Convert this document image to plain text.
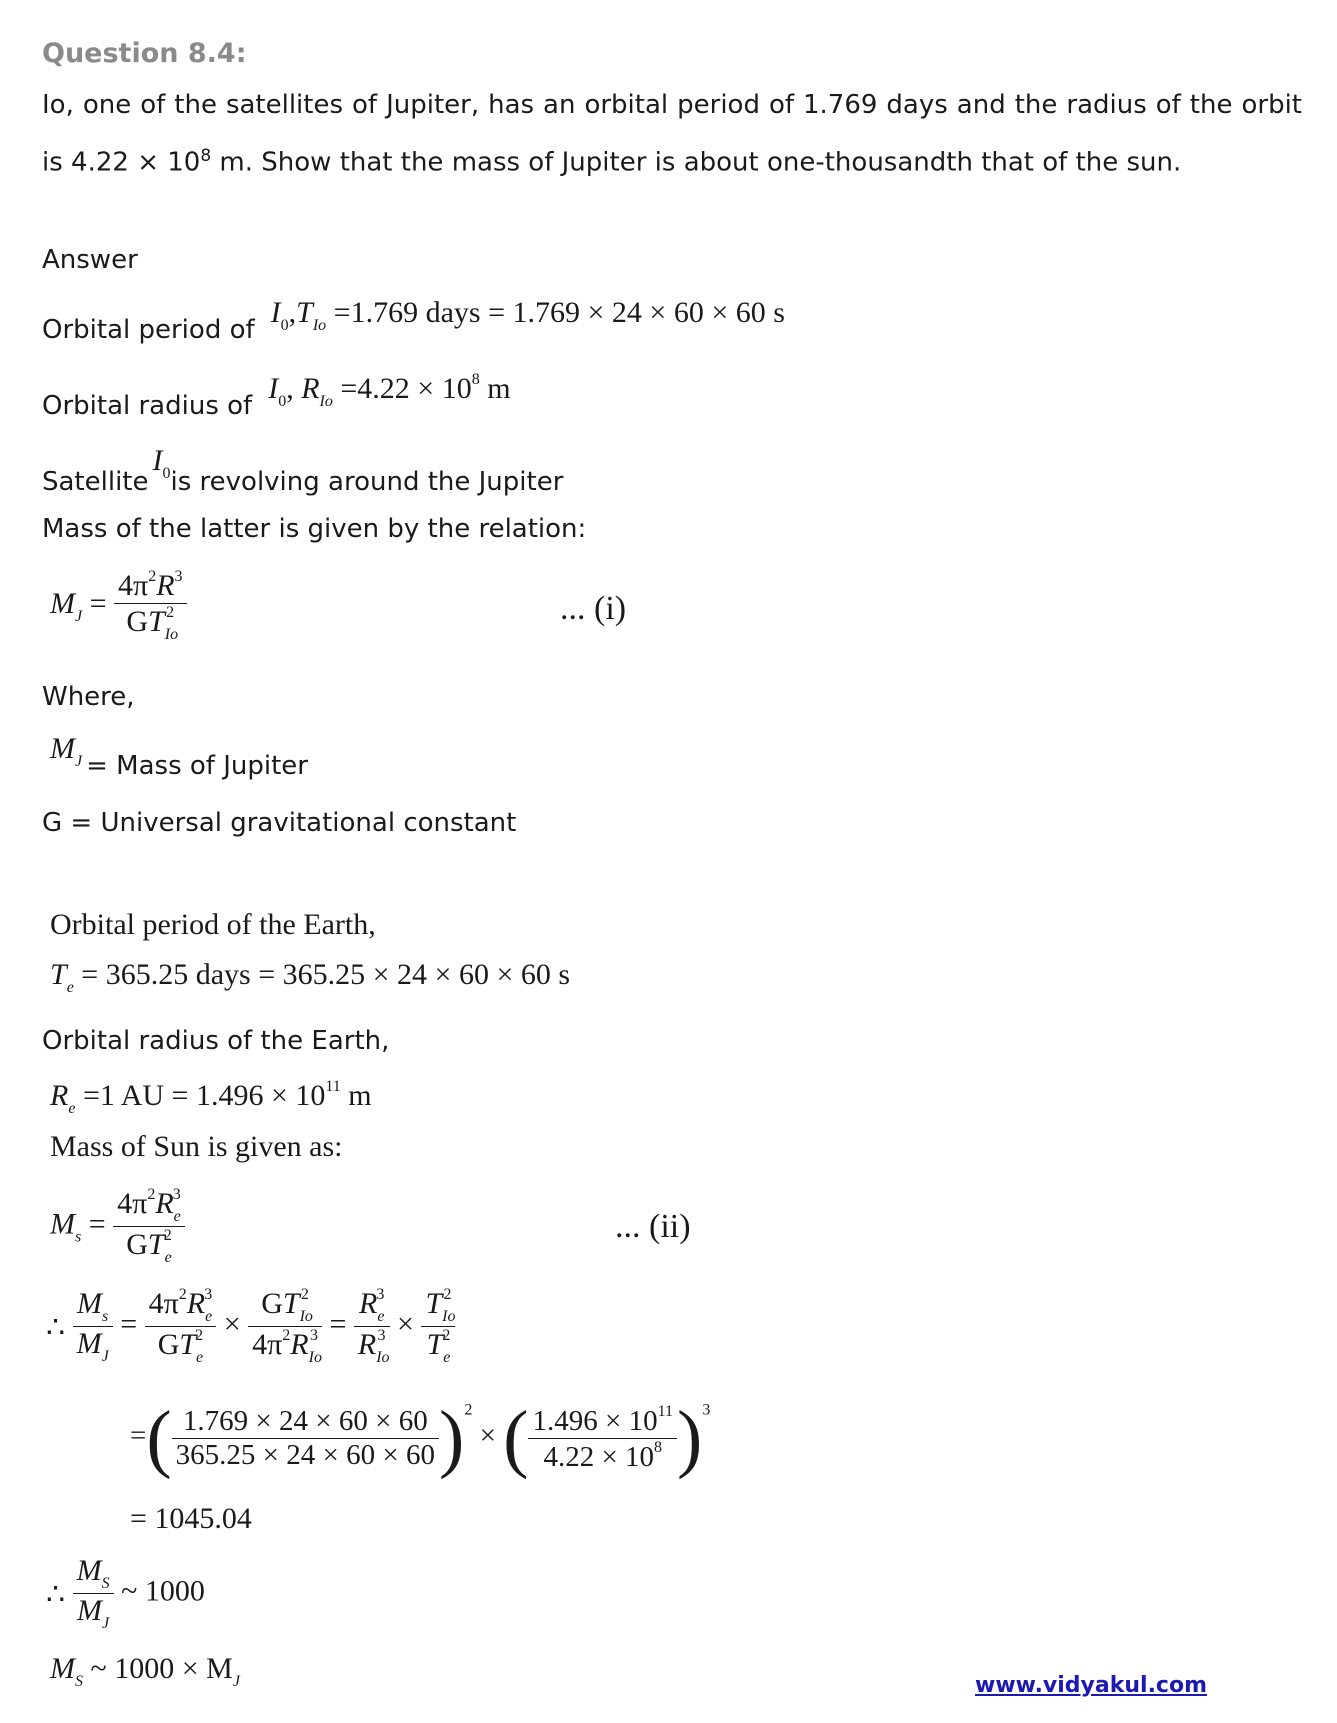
Question 8.4:
Io, one of the satellites of Jupiter, has an orbital period of 1.769 days and the radius of the orbit is $4.22 \times 10^8$ m. Show that the mass of Jupiter is about one-thousandth that of the sun.
Answer
Orbital period of $I_0,T_{Io} =1.769$ days = 1.769 × 24 × 60 × 60 s
Orbital radius of $I_0$, $R_{Io} =4.22 \times 10^8$ m
Satellite $I_0is$ revolving around the Jupiter
Mass of the latter is given by the relation:
$M_J = \frac{4\pi^2R^3}{GT_{Io}^2}$	... (i)
Where,
$M_J$ = Mass of Jupiter
G = Universal gravitational constant
Orbital period of the Earth,
$T_e = 365.25$ days = 365.25 × 24 × 60 × 60 s
Orbital radius of the Earth,
$R_e =1$ AU = $1.496 \times 10^{11}$ m
Mass of Sun is given as:
$M_s = \frac{4\pi^2R_e^3}{GT_e^2}$	... (ii)
∴ $\frac{M_s}{M_J} = \frac{4\pi^2R_e^3}{GT_e^2} \times \frac{GT_{Io}^2}{4\pi^2R_{Io}^3} = \frac{R_e^3}{R_{Io}^3} \times \frac{T_{Io}^2}{T_e^2}$
=( $\frac{1.769 \times 24 \times 60 \times 60}{365.25 \times 24 \times 60 \times 60} )^2$ × ( $\frac{1.496 \times 10^{11}}{4.22 \times 10^8} )^3$
= 1045.04
∴ $\frac{M_S}{M_J}$ ~ 1000
$M_S$ ~ $1000 \times M_J$	www.vidyakul.com
